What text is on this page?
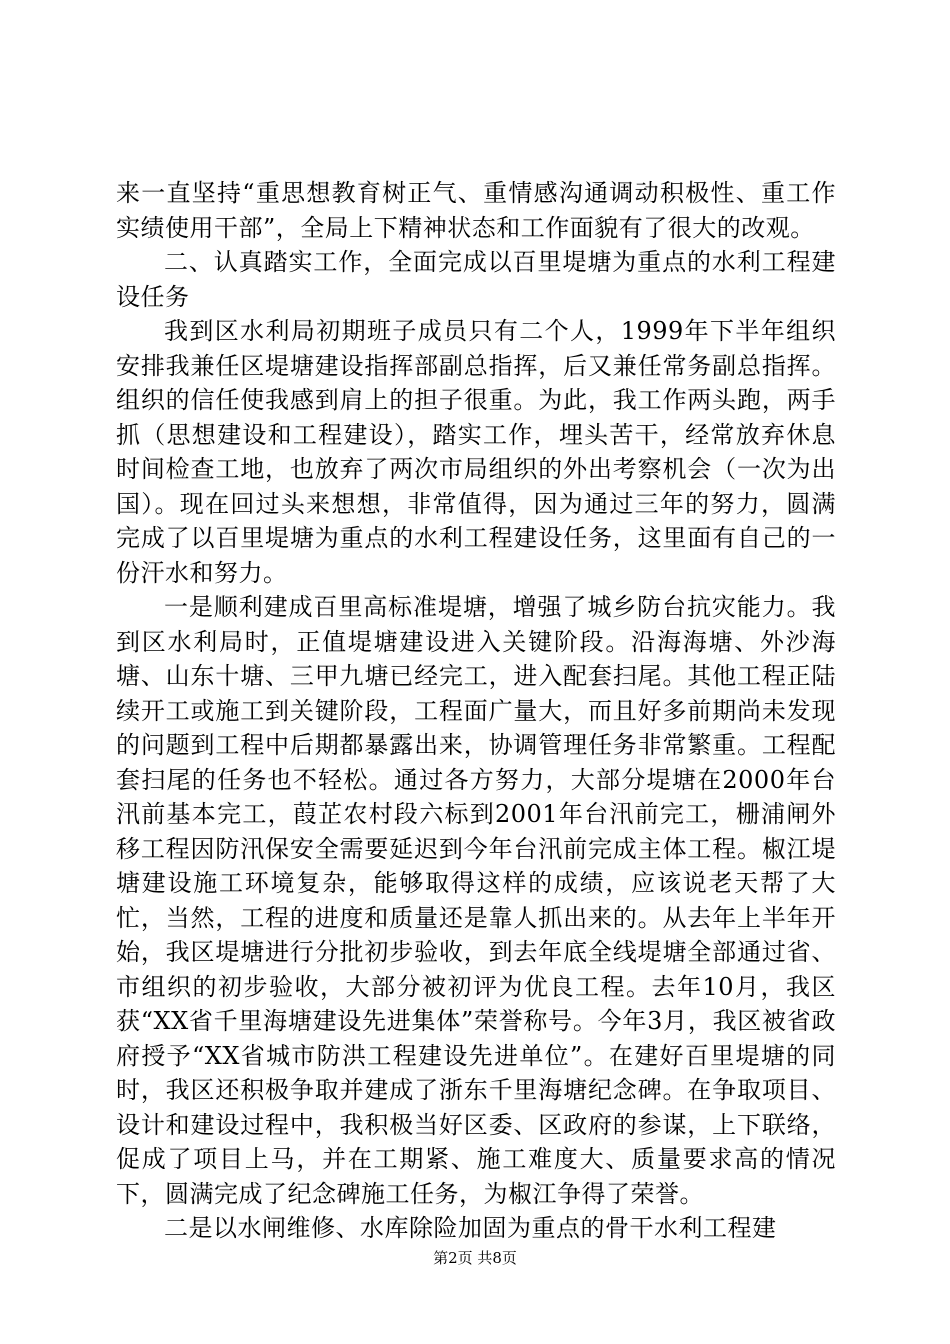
来一直坚持“重思想教育树正气、重情感沟通调动积极性、重工作实绩使用干部”，全局上下精神状态和工作面貌有了很大的改观。

二、认真踏实工作，全面完成以百里堤塘为重点的水利工程建设任务

我到区水利局初期班子成员只有二个人，1999年下半年组织安排我兼任区堤塘建设指挥部副总指挥，后又兼任常务副总指挥。组织的信任使我感到肩上的担子很重。为此，我工作两头跑，两手抓（思想建设和工程建设），踏实工作，埋头苦干，经常放弃休息时间检查工地，也放弃了两次市局组织的外出考察机会（一次为出国）。现在回过头来想想，非常值得，因为通过三年的努力，圆满完成了以百里堤塘为重点的水利工程建设任务，这里面有自己的一份汗水和努力。

一是顺利建成百里高标准堤塘，增强了城乡防台抗灾能力。我到区水利局时，正值堤塘建设进入关键阶段。沿海海塘、外沙海塘、山东十塘、三甲九塘已经完工，进入配套扫尾。其他工程正陆续开工或施工到关键阶段，工程面广量大，而且好多前期尚未发现的问题到工程中后期都暴露出来，协调管理任务非常繁重。工程配套扫尾的任务也不轻松。通过各方努力，大部分堤塘在2000年台汛前基本完工，葭芷农村段六标到2001年台汛前完工，栅浦闸外移工程因防汛保安全需要延迟到今年台汛前完成主体工程。椒江堤塘建设施工环境复杂，能够取得这样的成绩，应该说老天帮了大忙，当然，工程的进度和质量还是靠人抓出来的。从去年上半年开始，我区堤塘进行分批初步验收，到去年底全线堤塘全部通过省、市组织的初步验收，大部分被初评为优良工程。去年10月，我区获“XX省千里海塘建设先进集体”荣誉称号。今年3月，我区被省政府授予“XX省城市防洪工程建设先进单位”。在建好百里堤塘的同时，我区还积极争取并建成了浙东千里海塘纪念碑。在争取项目、设计和建设过程中，我积极当好区委、区政府的参谋，上下联络，促成了项目上马，并在工期紧、施工难度大、质量要求高的情况下，圆满完成了纪念碑施工任务，为椒江争得了荣誉。

二是以水闸维修、水库除险加固为重点的骨干水利工程建

第2页 共8页
